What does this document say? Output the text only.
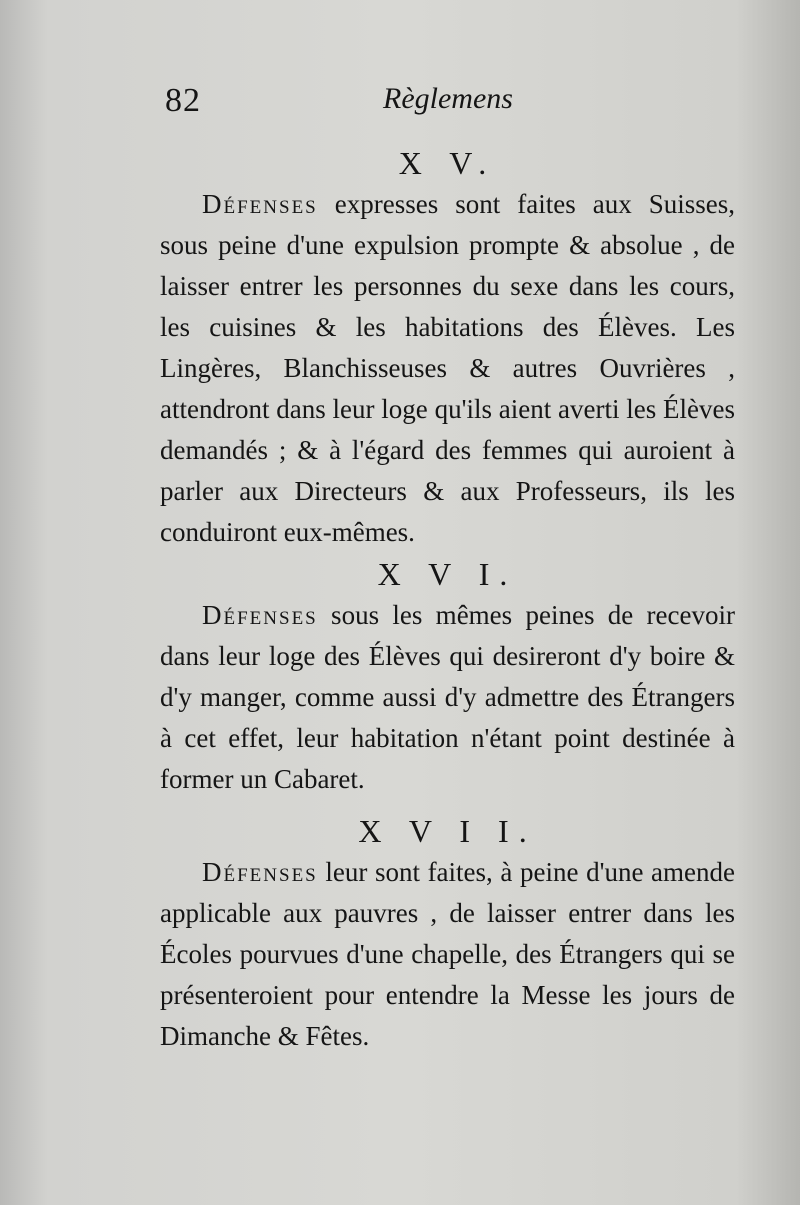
82	Règlemens
X V.

Défenses expresses sont faites aux Suisses, sous peine d'une expulsion prompte & absolue , de laisser entrer les personnes du sexe dans les cours, les cuisines & les habitations des Élèves. Les Lingères, Blanchisseuses & autres Ouvrières , attendront dans leur loge qu'ils aient averti les Élèves demandés ; & à l'égard des femmes qui auroient à parler aux Directeurs & aux Professeurs, ils les conduiront eux-mêmes.

X V I.

Défenses sous les mêmes peines de recevoir dans leur loge des Élèves qui desireront d'y boire & d'y manger, comme aussi d'y admettre des Étrangers à cet effet, leur habitation n'étant point destinée à former un Cabaret.

X V I I.

Défenses leur sont faites, à peine d'une amende applicable aux pauvres , de laisser entrer dans les Écoles pourvues d'une chapelle, des Étrangers qui se présenteroient pour entendre la Messe les jours de Dimanche & Fêtes.
